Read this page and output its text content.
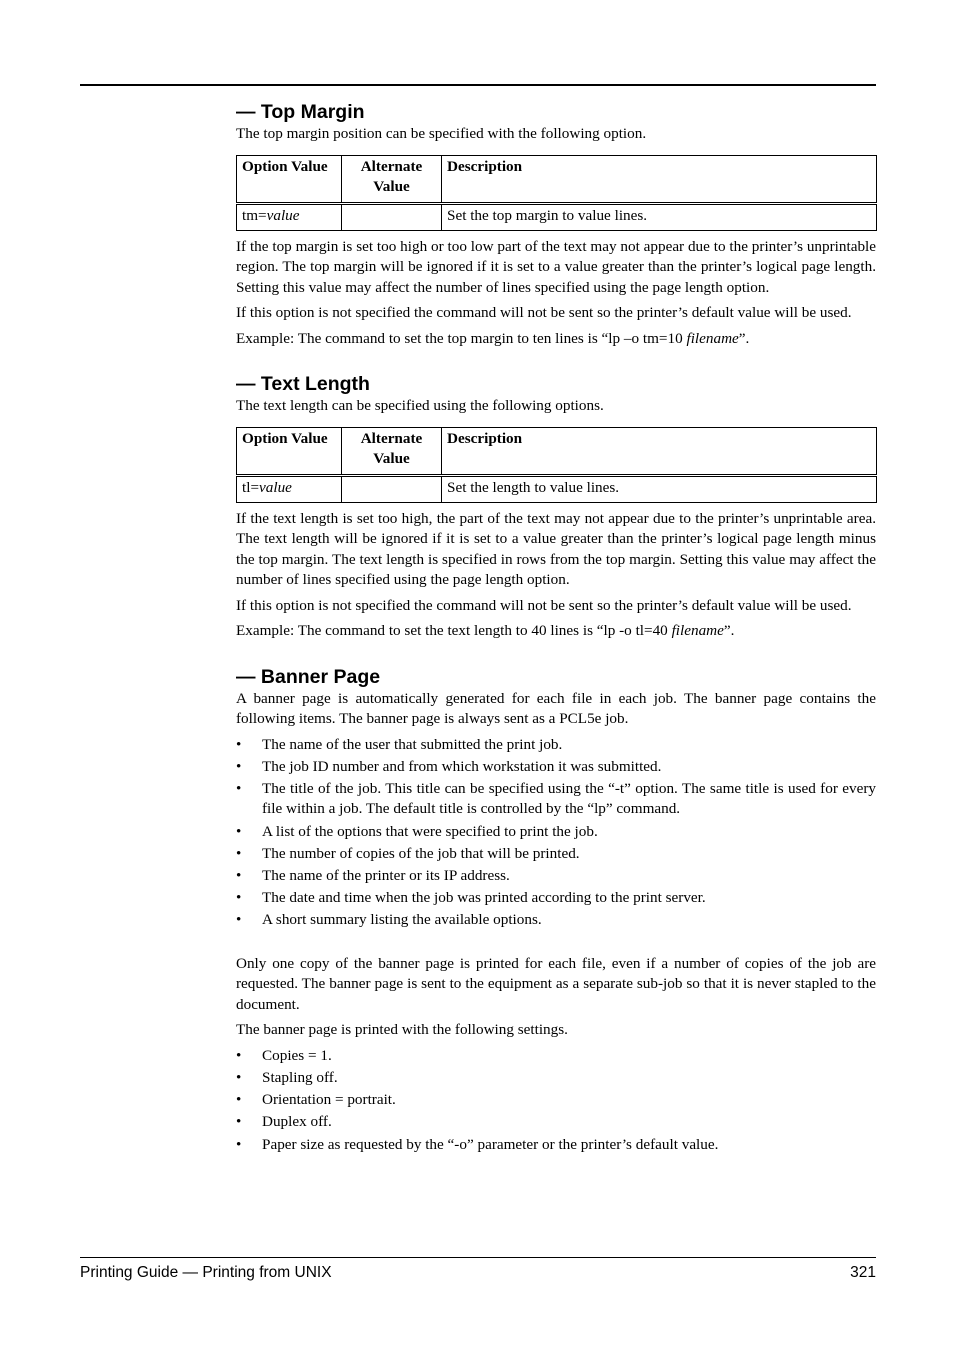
— Top Margin

The top margin position can be specified with the following option.

Option Value	Alternate Value	Description
tm=value		Set the top margin to value lines.

If the top margin is set too high or too low part of the text may not appear due to the printer’s unprintable region. The top margin will be ignored if it is set to a value greater than the printer’s logical page length. Setting this value may affect the number of lines specified using the page length option.

If this option is not specified the command will not be sent so the printer’s default value will be used.

Example: The command to set the top margin to ten lines is “lp –o tm=10 filename”.

— Text Length

The text length can be specified using the following options.

Option Value	Alternate Value	Description
tl=value		Set the length to value lines.

If the text length is set too high, the part of the text may not appear due to the printer’s unprintable area. The text length will be ignored if it is set to a value greater than the printer’s logical page length minus the top margin. The text length is specified in rows from the top margin. Setting this value may affect the number of lines specified using the page length option.

If this option is not specified the command will not be sent so the printer’s default value will be used.

Example: The command to set the text length to 40 lines is “lp -o tl=40 filename”.

— Banner Page

A banner page is automatically generated for each file in each job. The banner page contains the following items. The banner page is always sent as a PCL5e job.

• The name of the user that submitted the print job.
• The job ID number and from which workstation it was submitted.
• The title of the job. This title can be specified using the “-t” option. The same title is used for every file within a job. The default title is controlled by the “lp” command.
• A list of the options that were specified to print the job.
• The number of copies of the job that will be printed.
• The name of the printer or its IP address.
• The date and time when the job was printed according to the print server.
• A short summary listing the available options.

Only one copy of the banner page is printed for each file, even if a number of copies of the job are requested. The banner page is sent to the equipment as a separate sub-job so that it is never stapled to the document.

The banner page is printed with the following settings.

• Copies = 1.
• Stapling off.
• Orientation = portrait.
• Duplex off.
• Paper size as requested by the “-o” parameter or the printer’s default value.
Printing Guide — Printing from UNIX	321
